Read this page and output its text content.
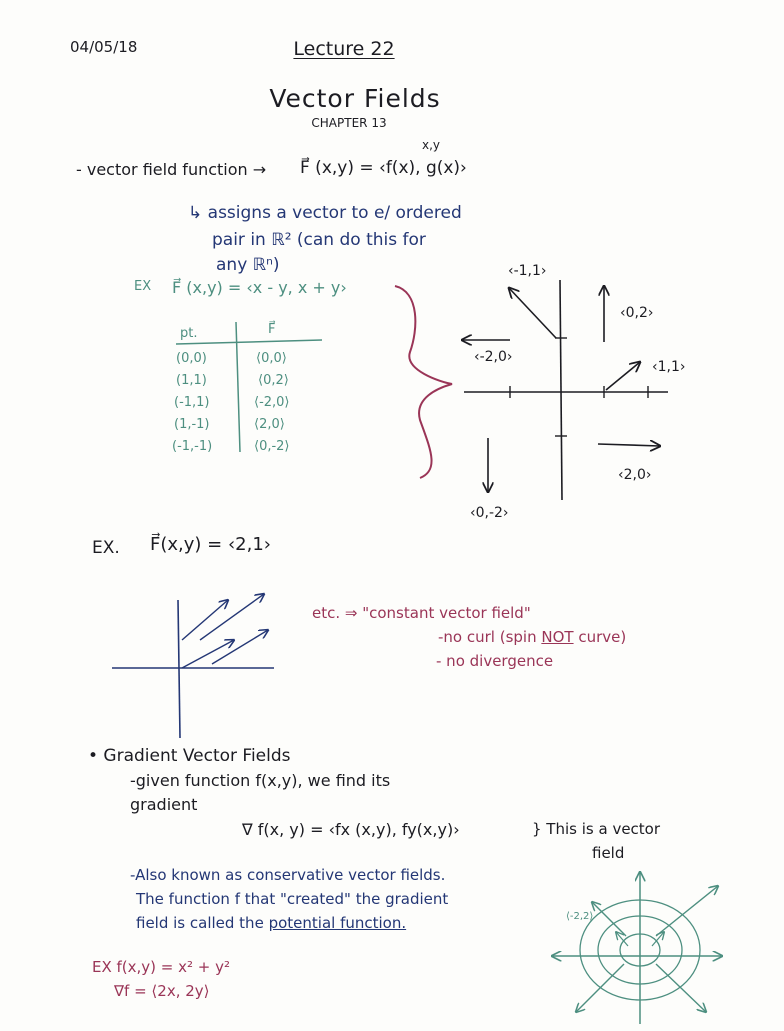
04/05/18	Lecture 22
Vector Fields
CHAPTER 13
- vector field function →
x,y
F⃗ (x,y) = ‹f(x), g(x)›
↳ assigns a vector to e/ ordered
pair in ℝ² (can do this for
any ℝⁿ)
EX F⃗ (x,y) = ‹x - y, x + y›
pt.	F⃗
(0,0)	⟨0,0⟩
(1,1)	⟨0,2⟩
(-1,1)	⟨-2,0⟩
(1,-1)	⟨2,0⟩
(-1,-1)	⟨0,-2⟩
‹-1,1›
‹0,2›
‹-2,0›
‹1,1›
‹2,0›
‹0,-2›
EX. F⃗(x,y) = ‹2,1›
etc. ⇒ "constant vector field"
-no curl (spin NOT curve)
- no divergence
• Gradient Vector Fields
-given function f(x,y), we find its
gradient
∇ f(x, y) = ‹fx (x,y), fy(x,y)›	} This is a vector
field
-Also known as conservative vector fields.
The function f that "created" the gradient
field is called the potential function.	⟨-2,2⟩
EX f(x,y) = x² + y²
∇f = ⟨2x, 2y⟩
